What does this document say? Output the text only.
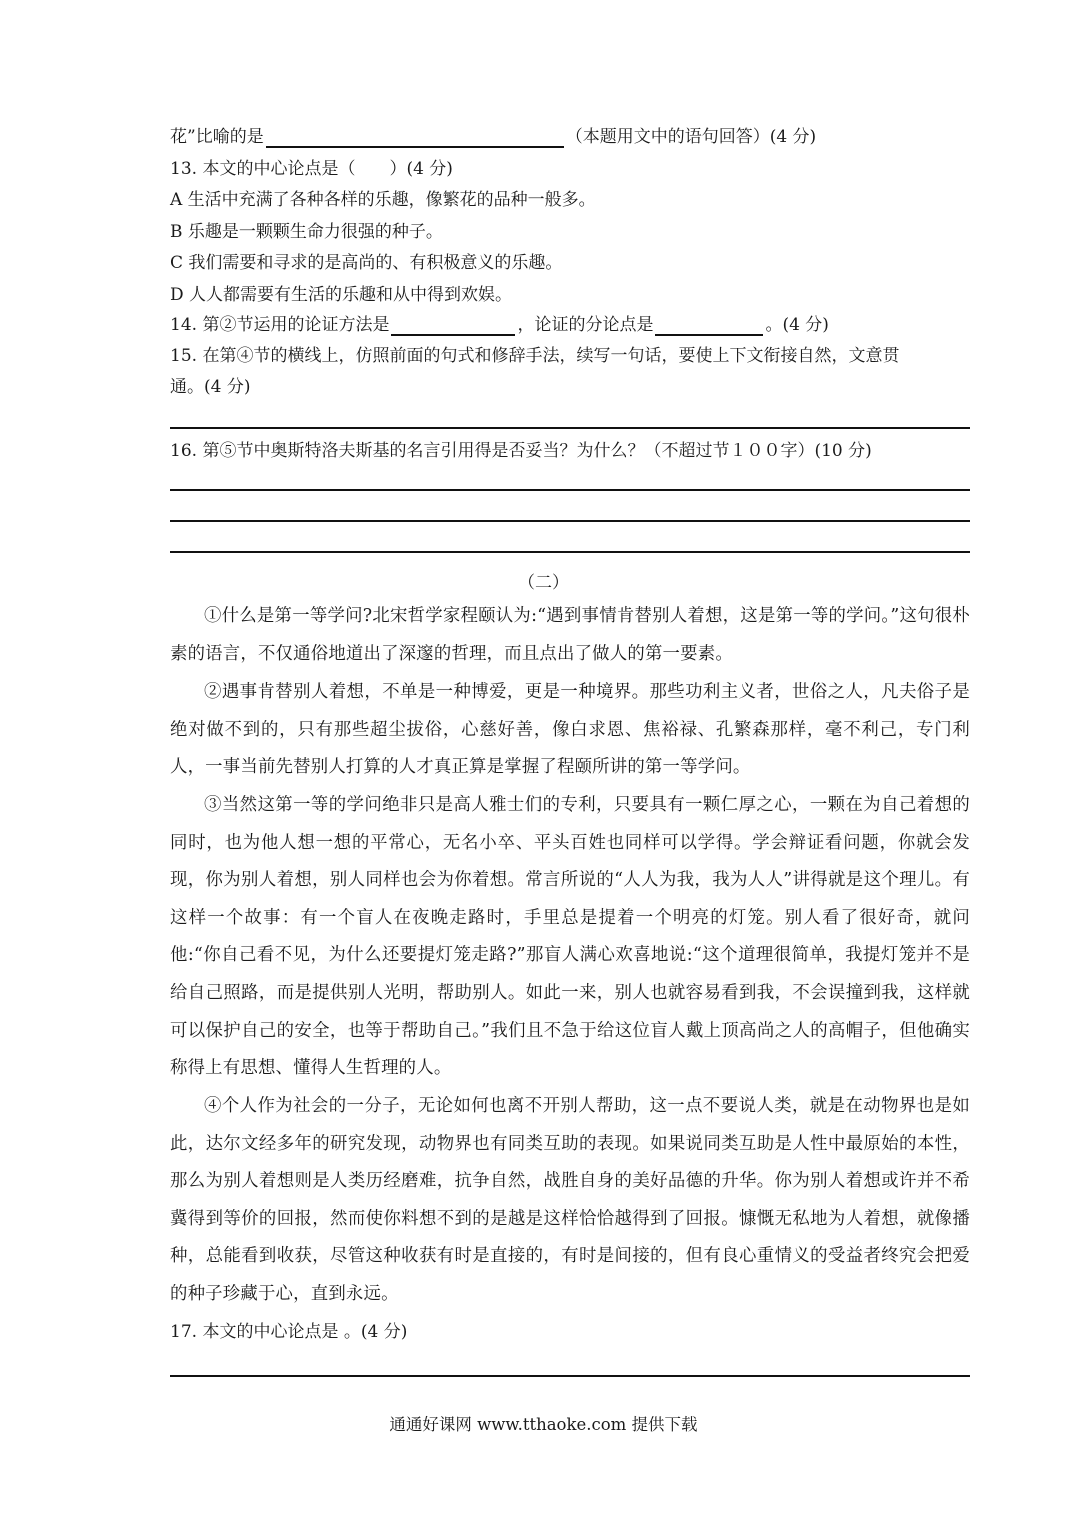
花”比喻的是	（本题用文中的语句回答）(4 分)
13. 本文的中心论点是（　　）(4 分)
A 生活中充满了各种各样的乐趣，像繁花的品种一般多。
B 乐趣是一颗颗生命力很强的种子。
C 我们需要和寻求的是高尚的、有积极意义的乐趣。
D 人人都需要有生活的乐趣和从中得到欢娱。
14. 第②节运用的论证方法是	，论证的分论点是	。(4 分)
15. 在第④节的横线上，仿照前面的句式和修辞手法，续写一句话，要使上下文衔接自然，文意贯
通。(4 分)
16. 第⑤节中奥斯特洛夫斯基的名言引用得是否妥当？为什么？（不超过节１００字）(10 分)
（二）
①什么是第一等学问?北宋哲学家程颐认为:“遇到事情肯替别人着想，这是第一等的学问。”这句很朴素的语言，不仅通俗地道出了深邃的哲理，而且点出了做人的第一要素。
②遇事肯替别人着想，不单是一种博爱，更是一种境界。那些功利主义者，世俗之人，凡夫俗子是绝对做不到的，只有那些超尘拔俗，心慈好善，像白求恩、焦裕禄、孔繁森那样，毫不利己，专门利人，一事当前先替别人打算的人才真正算是掌握了程颐所讲的第一等学问。
③当然这第一等的学问绝非只是高人雅士们的专利，只要具有一颗仁厚之心，一颗在为自己着想的同时，也为他人想一想的平常心，无名小卒、平头百姓也同样可以学得。学会辩证看问题，你就会发现，你为别人着想，别人同样也会为你着想。常言所说的“人人为我，我为人人”讲得就是这个理儿。有这样一个故事：有一个盲人在夜晚走路时，手里总是提着一个明亮的灯笼。别人看了很好奇，就问他:“你自己看不见，为什么还要提灯笼走路?”那盲人满心欢喜地说:“这个道理很简单，我提灯笼并不是给自己照路，而是提供别人光明，帮助别人。如此一来，别人也就容易看到我，不会误撞到我，这样就可以保护自己的安全，也等于帮助自己。”我们且不急于给这位盲人戴上顶高尚之人的高帽子，但他确实称得上有思想、懂得人生哲理的人。
④个人作为社会的一分子，无论如何也离不开别人帮助，这一点不要说人类，就是在动物界也是如此，达尔文经多年的研究发现，动物界也有同类互助的表现。如果说同类互助是人性中最原始的本性，那么为别人着想则是人类历经磨难，抗争自然，战胜自身的美好品德的升华。你为别人着想或许并不希冀得到等价的回报，然而使你料想不到的是越是这样恰恰越得到了回报。慷慨无私地为人着想，就像播种，总能看到收获，尽管这种收获有时是直接的，有时是间接的，但有良心重情义的受益者终究会把爱的种子珍藏于心，直到永远。
17. 本文的中心论点是 。(4 分)
通通好课网 www.tthaoke.com 提供下载
